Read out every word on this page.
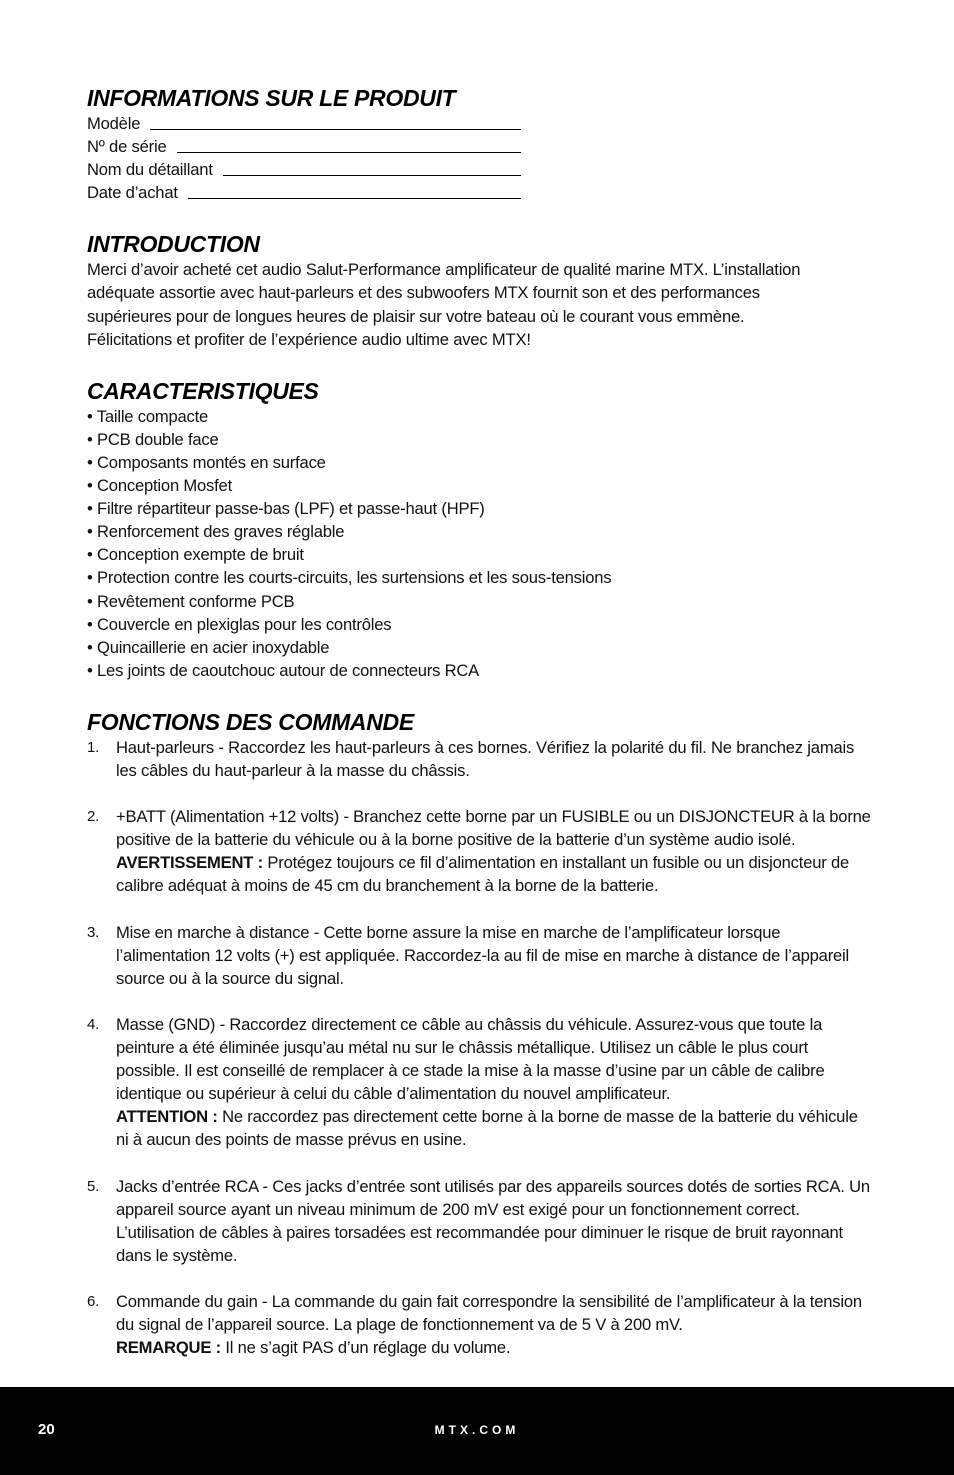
INFORMATIONS SUR LE PRODUIT
Modèle
Nº de série
Nom du détaillant
Date d’achat
INTRODUCTION

Merci d’avoir acheté cet audio Salut-Performance amplificateur de qualité marine MTX. L’installation

adéquate assortie avec haut-parleurs et des subwoofers MTX fournit son et des performances

supérieures pour de longues heures de plaisir sur votre bateau où le courant vous emmène.

Félicitations et profiter de l’expérience audio ultime avec MTX!

CARACTERISTIQUES
• Taille compacte
• PCB double face
• Composants montés en surface
• Conception Mosfet
• Filtre répartiteur passe-bas (LPF) et passe-haut (HPF)
• Renforcement des graves réglable
• Conception exempte de bruit
• Protection contre les courts-circuits, les surtensions et les sous-tensions
• Revêtement conforme PCB
• Couvercle en plexiglas pour les contrôles
• Quincaillerie en acier inoxydable
• Les joints de caoutchouc autour de connecteurs RCA
FONCTIONS DES COMMANDE
1. Haut-parleurs - Raccordez les haut-parleurs à ces bornes. Vérifiez la polarité du fil. Ne branchez jamais les câbles du haut-parleur à la masse du châssis.
2. +BATT (Alimentation +12 volts) - Branchez cette borne par un FUSIBLE ou un DISJONCTEUR à la borne positive de la batterie du véhicule ou à la borne positive de la batterie d’un système audio isolé. AVERTISSEMENT : Protégez toujours ce fil d’alimentation en installant un fusible ou un disjoncteur de calibre adéquat à moins de 45 cm du branchement à la borne de la batterie.
3. Mise en marche à distance - Cette borne assure la mise en marche de l’amplificateur lorsque l’alimentation 12 volts (+) est appliquée. Raccordez-la au fil de mise en marche à distance de l’appareil source ou à la source du signal.
4. Masse (GND) - Raccordez directement ce câble au châssis du véhicule. Assurez-vous que toute la peinture a été éliminée jusqu’au métal nu sur le châssis métallique. Utilisez un câble le plus court possible. Il est conseillé de remplacer à ce stade la mise à la masse d’usine par un câble de calibre identique ou supérieur à celui du câble d’alimentation du nouvel amplificateur.
ATTENTION : Ne raccordez pas directement cette borne à la borne de masse de la batterie du véhicule ni à aucun des points de masse prévus en usine.
5. Jacks d’entrée RCA - Ces jacks d’entrée sont utilisés par des appareils sources dotés de sorties RCA. Un appareil source ayant un niveau minimum de 200 mV est exigé pour un fonctionnement correct. L’utilisation de câbles à paires torsadées est recommandée pour diminuer le risque de bruit rayonnant dans le système.
6. Commande du gain - La commande du gain fait correspondre la sensibilité de l’amplificateur à la tension du signal de l’appareil source. La plage de fonctionnement va de 5 V à 200 mV.
REMARQUE : Il ne s’agit PAS d’un réglage du volume.
20	MTX.COM
